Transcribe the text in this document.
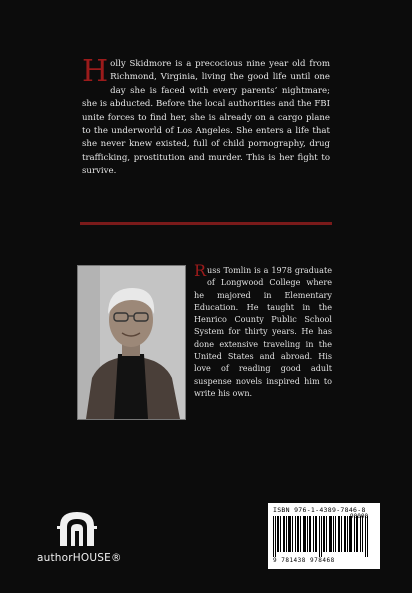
Holly Skidmore is a precocious nine year old from Richmond, Virginia, living the good life until one day she is faced with every parents’ nightmare; she is abducted. Before the local authorities and the FBI unite forces to find her, she is already on a cargo plane to the underworld of Los Angeles. She enters a life that she never knew existed, full of child pornography, drug trafficking, prostitution and murder. This is her fight to survive.
Russ Tomlin is a 1978 graduate of Longwood College where he majored in Elementary Education. He taught in the Henrico County Public School System for thirty years. He has done extensive traveling in the United States and abroad. His love of reading good adult suspense novels inspired him to write his own.
authorHOUSE®
ISBN 976-1-4389-7846-8
9 781438 978468
90000
